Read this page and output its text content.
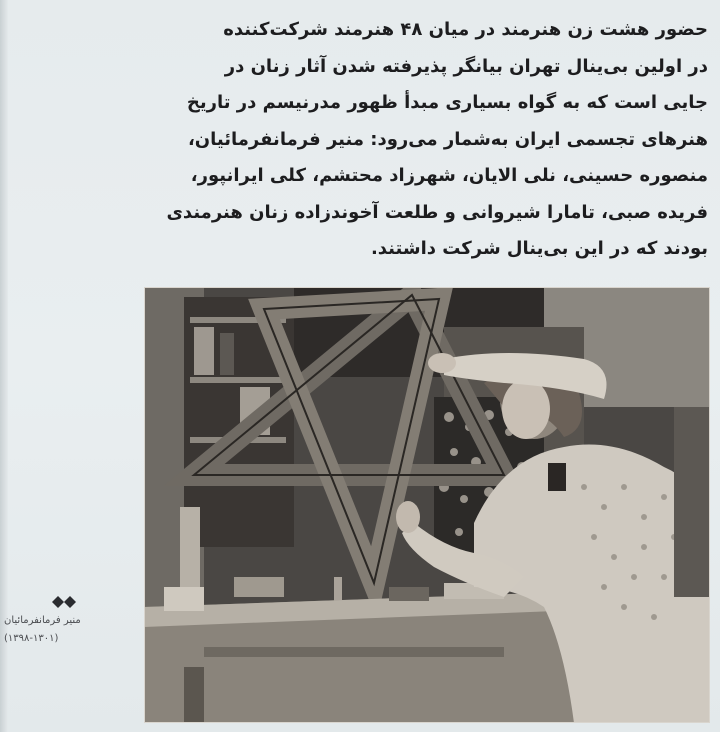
حضور هشت زن هنرمند در میان ۴۸ هنرمند شرکت‌کننده
در اولین بی‌ینال تهران بیانگر پذیرفته شدن آثار زنان در
جایی است که به گواه بسیاری مبدأ ظهور مدرنیسم در تاریخ
هنرهای تجسمی ایران به‌شمار می‌رود: منیر فرمانفرمائیان،
منصوره حسینی، نلی الایان، شهرزاد محتشم، کلی ایرانپور،
فریده صبی، تامارا شیروانی و طلعت آخوندزاده زنان هنرمندی
بودند که در این بی‌ینال شرکت داشتند.
منیر فرمانفرمائیان
(۱۳۹۸-۱۳۰۱)
